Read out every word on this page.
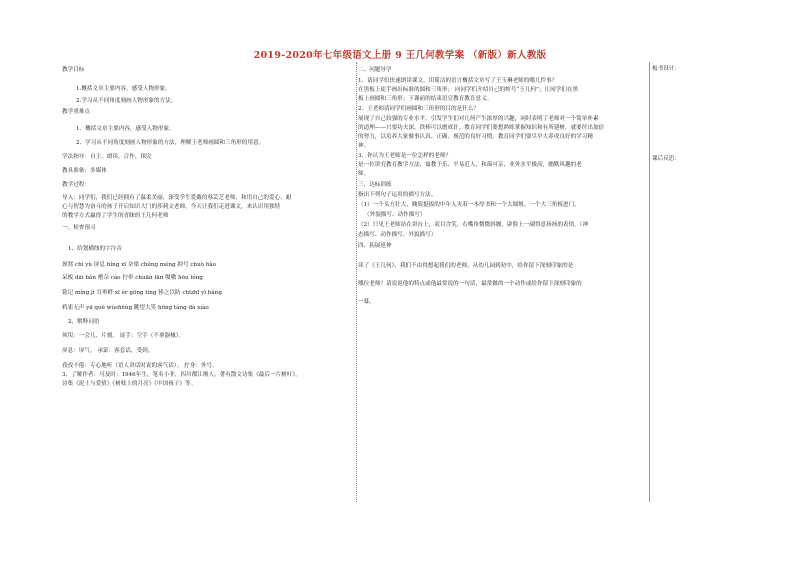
2019-2020年七年级语文上册 9 王几何教学案 （新版）新人教版
教学目标
1.概括文章主要内容，感受人物形象。
2.学习从不同角度刻画人物形象的方法。
教学重难点
1．概括文章主要内容，感受人物形象。
2、学习从不同角度刻画人物形象的方法，理解王老师画圆和三角形的用意。
学法指导：自主、朗读、合作、探究
教具准备：多媒体
教学过程：
导入：同学们，我们已经拥有了温柔美丽，深受学生爱戴的蔡芸芝老师，和用自己的爱心、耐
心与智慧为奋斗的孩子开启知识大门的莎莉文老师，今天让我们走进课文，来认识用独特
的教学方式赢得了学生的青睐的王几何老师
一、检查预习
1、给划横线的字注音
颈窝 chì yù 屏息 bǐng xī 奈梁 chéng méng 抑号 chuò hào
呆板 dāi bǎn 嗜杂 cáo 拧牵 chuān fān 嗷嗷 hōu lóng
铭记 míng jì 耳垂畔 xī ér gōng tíng 捧之以防 chīzhī yǐ háng
鸦雀无声 yā què wúshēng 眺望大笑 hōng táng dà xiào
2、解释词语
须臾：一会儿，片刻。 徒手：空手（不拿器械）。
屏息：屏气。 承蒙：客套话，受到。
孜孜不倦：专心地听（语人讲话时说的客气话）。 拧身：外号。
3、了解作者：马及时：1946年生，笔名小非，四川都江堰人。著有散文诗集《最后一片树叶》，
诗集《泥土与爱情》《树枝上的月亮》《中国孩子》等。
二、问题导学
1、请同学们快速朗读课文，用简洁的语言概括文章写了王玉琳老师的哪几件事？
在黑板上徒手画出标准的圆和三角形； 向同学们介绍自己的绰号“王几何”；让同学们在黑
板上画圆和三角形；下课前的结束语宣教育教育意义。
2、王老师请同学们画圆和三角形的目的是什么？
展现了自己较强的专业水平，引发学生们对几何产生浓厚的兴趣，同时表明了老师对一个简单朴素
的道理——只要功夫深，铁棒可以磨成针。教育同学们要想熟练掌握知识和有所建树，就要付出加倍
的努力，以培养大家做事认真、正确、规范的良好习惯。教育同学们要尽早大养成良好的学习精
神。
3、你认为王老师是一位怎样的老师？
是一位讲究教育教学方法，寓教于乐、平易近人、和蔼可亲，业务水平极高，幽默风趣的老
师。
三、达标训练
指出下列句子运用的描写方法。
（1）一个头方壮大，魄鬓挺拔的中年人夹着一本厚书和一个大圆规、一个大三角板进门。
（外貌描写、动作描写）
（2）只见王老师站在讲台上，双目含笑，右嘴角微微斜翘，辟脸上一副得意扬扬的表情。（神
态描写、动作描写、外貌描写）
四、拓展延伸
读了《王几何》，我们不由得想起我们的老师，从幼儿园到初中，给你留下深刻印象的是
哪位老师？请说说他的特点或他最常说的一句话，最常做的一个动作或给你留下深刻印象的
一幕。
板书设计：
课后反思：
